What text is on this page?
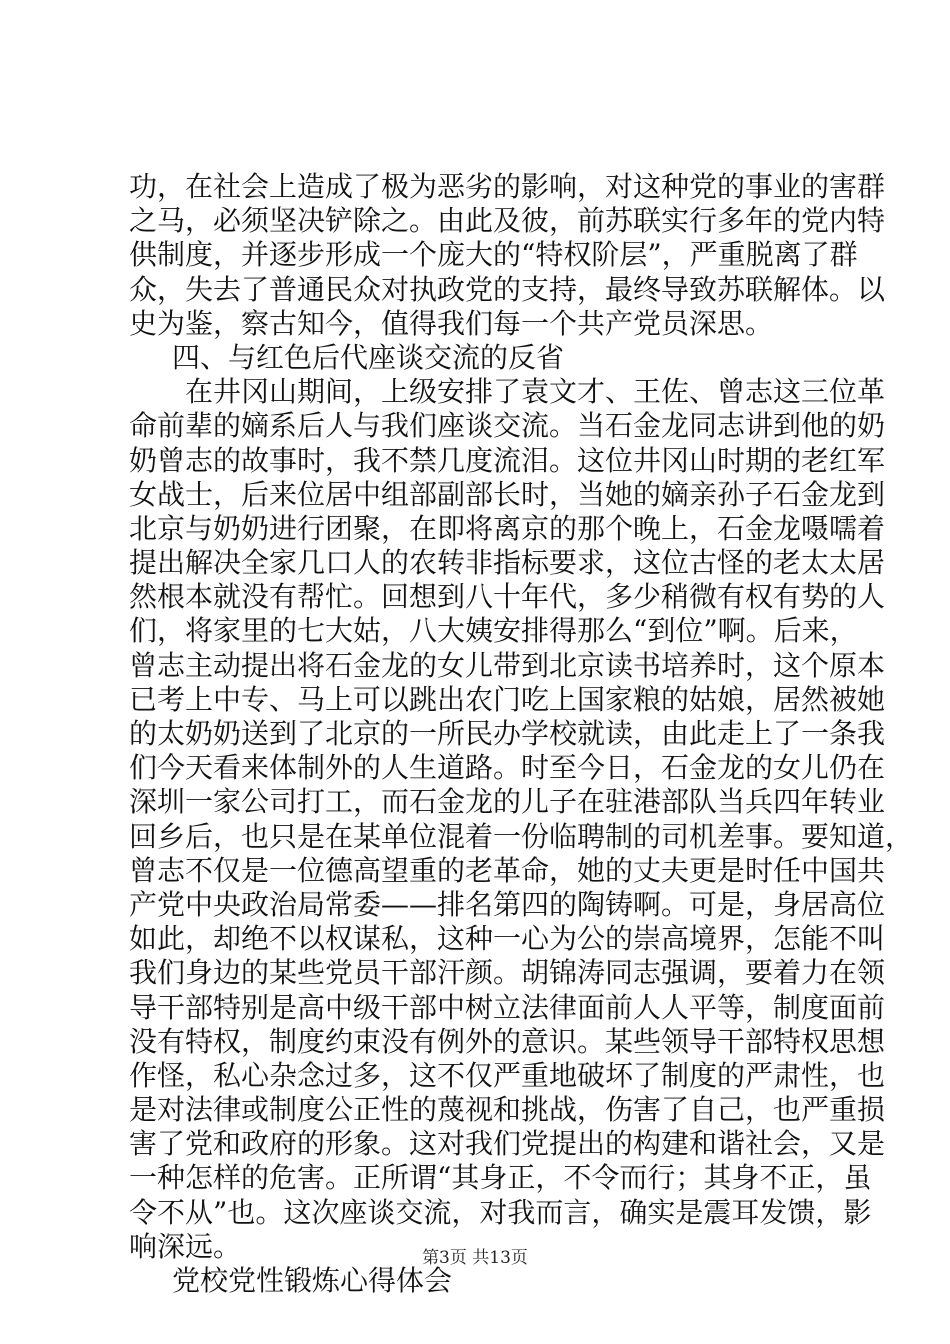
功，在社会上造成了极为恶劣的影响，对这种党的事业的害群
之马，必须坚决铲除之。由此及彼，前苏联实行多年的党内特
供制度，并逐步形成一个庞大的“特权阶层”，严重脱离了群
众，失去了普通民众对执政党的支持，最终导致苏联解体。以
史为鉴，察古知今，值得我们每一个共产党员深思。
四、与红色后代座谈交流的反省
在井冈山期间，上级安排了袁文才、王佐、曾志这三位革
命前辈的嫡系后人与我们座谈交流。当石金龙同志讲到他的奶
奶曾志的故事时，我不禁几度流泪。这位井冈山时期的老红军
女战士，后来位居中组部副部长时，当她的嫡亲孙子石金龙到
北京与奶奶进行团聚，在即将离京的那个晚上，石金龙嗫嚅着
提出解决全家几口人的农转非指标要求，这位古怪的老太太居
然根本就没有帮忙。回想到八十年代，多少稍微有权有势的人
们，将家里的七大姑，八大姨安排得那么“到位”啊。后来，
曾志主动提出将石金龙的女儿带到北京读书培养时，这个原本
已考上中专、马上可以跳出农门吃上国家粮的姑娘，居然被她
的太奶奶送到了北京的一所民办学校就读，由此走上了一条我
们今天看来体制外的人生道路。时至今日，石金龙的女儿仍在
深圳一家公司打工，而石金龙的儿子在驻港部队当兵四年转业
回乡后，也只是在某单位混着一份临聘制的司机差事。要知道，
曾志不仅是一位德高望重的老革命，她的丈夫更是时任中国共
产党中央政治局常委——排名第四的陶铸啊。可是，身居高位
如此，却绝不以权谋私，这种一心为公的崇高境界，怎能不叫
我们身边的某些党员干部汗颜。胡锦涛同志强调，要着力在领
导干部特别是高中级干部中树立法律面前人人平等，制度面前
没有特权，制度约束没有例外的意识。某些领导干部特权思想
作怪，私心杂念过多，这不仅严重地破坏了制度的严肃性，也
是对法律或制度公正性的蔑视和挑战，伤害了自己，也严重损
害了党和政府的形象。这对我们党提出的构建和谐社会，又是
一种怎样的危害。正所谓“其身正，不令而行；其身不正，虽
令不从”也。这次座谈交流，对我而言，确实是震耳发馈，影
响深远。
党校党性锻炼心得体会
第3页 共13页
